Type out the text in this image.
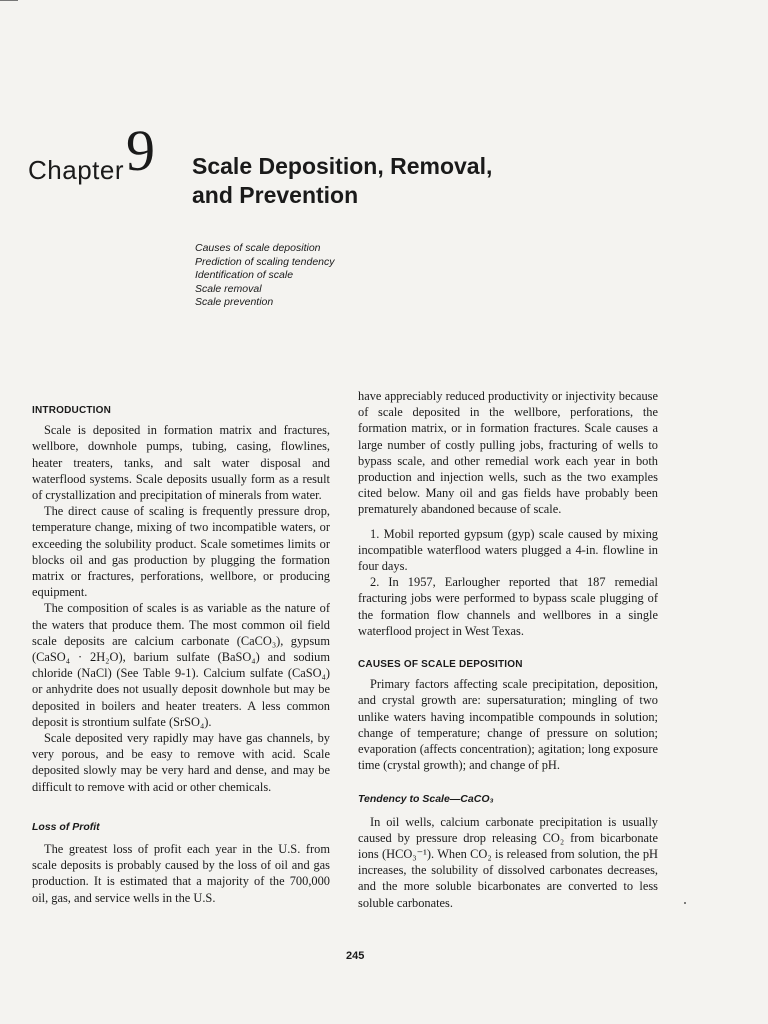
Chapter 9 Scale Deposition, Removal,
and Prevention
Causes of scale deposition
Prediction of scaling tendency
Identification of scale
Scale removal
Scale prevention
INTRODUCTION

Scale is deposited in formation matrix and fractures, wellbore, downhole pumps, tubing, casing, flowlines, heater treaters, tanks, and salt water disposal and waterflood systems. Scale deposits usually form as a result of crystallization and precipitation of minerals from water.

The direct cause of scaling is frequently pressure drop, temperature change, mixing of two incompatible waters, or exceeding the solubility product. Scale sometimes limits or blocks oil and gas production by plugging the formation matrix or fractures, perforations, wellbore, or producing equipment.

The composition of scales is as variable as the nature of the waters that produce them. The most common oil field scale deposits are calcium carbonate (CaCO₃), gypsum (CaSO₄ · 2H₂O), barium sulfate (BaSO₄) and sodium chloride (NaCl) (See Table 9-1). Calcium sulfate (CaSO₄) or anhydrite does not usually deposit downhole but may be deposited in boilers and heater treaters. A less common deposit is strontium sulfate (SrSO₄).

Scale deposited very rapidly may have gas channels, by very porous, and be easy to remove with acid. Scale deposited slowly may be very hard and dense, and may be difficult to remove with acid or other chemicals.

Loss of Profit

The greatest loss of profit each year in the U.S. from scale deposits is probably caused by the loss of oil and gas production. It is estimated that a majority of the 700,000 oil, gas, and service wells in the U.S.

have appreciably reduced productivity or injectivity because of scale deposited in the wellbore, perforations, the formation matrix, or in formation fractures. Scale causes a large number of costly pulling jobs, fracturing of wells to bypass scale, and other remedial work each year in both production and injection wells, such as the two examples cited below. Many oil and gas fields have probably been prematurely abandoned because of scale.

1. Mobil reported gypsum (gyp) scale caused by mixing incompatible waterflood waters plugged a 4-in. flowline in four days.

2. In 1957, Earlougher reported that 187 remedial fracturing jobs were performed to bypass scale plugging of the formation flow channels and wellbores in a single waterflood project in West Texas.

CAUSES OF SCALE DEPOSITION

Primary factors affecting scale precipitation, deposition, and crystal growth are: supersaturation; mingling of two unlike waters having incompatible compounds in solution; change of temperature; change of pressure on solution; evaporation (affects concentration); agitation; long exposure time (crystal growth); and change of pH.

Tendency to Scale—CaCO₃

In oil wells, calcium carbonate precipitation is usually caused by pressure drop releasing CO₂ from bicarbonate ions (HCO₃⁻¹). When CO₂ is released from solution, the pH increases, the solubility of dissolved carbonates decreases, and the more soluble bicarbonates are converted to less soluble carbonates.

245
